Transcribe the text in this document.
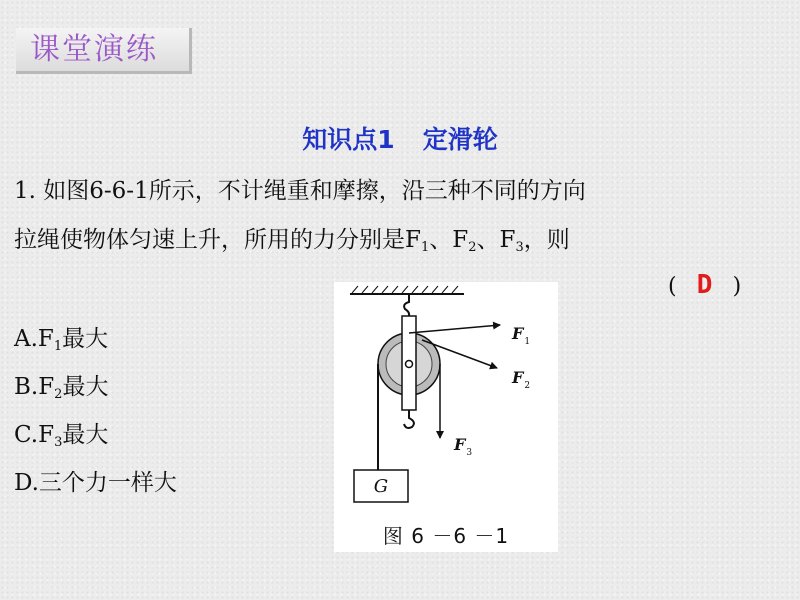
课堂演练
知识点1 定滑轮
1. 如图6-6-1所示，不计绳重和摩擦，沿三种不同的方向
拉绳使物体匀速上升，所用的力分别是$F_1$、$F_2$、$F_3$，则
( D )
$A.F_1$最大
$B.F_2$最大
$C.F_3$最大
D.三个力一样大	G
$F_1$
$F_2$
$F_3$
图 6 －6 －1
